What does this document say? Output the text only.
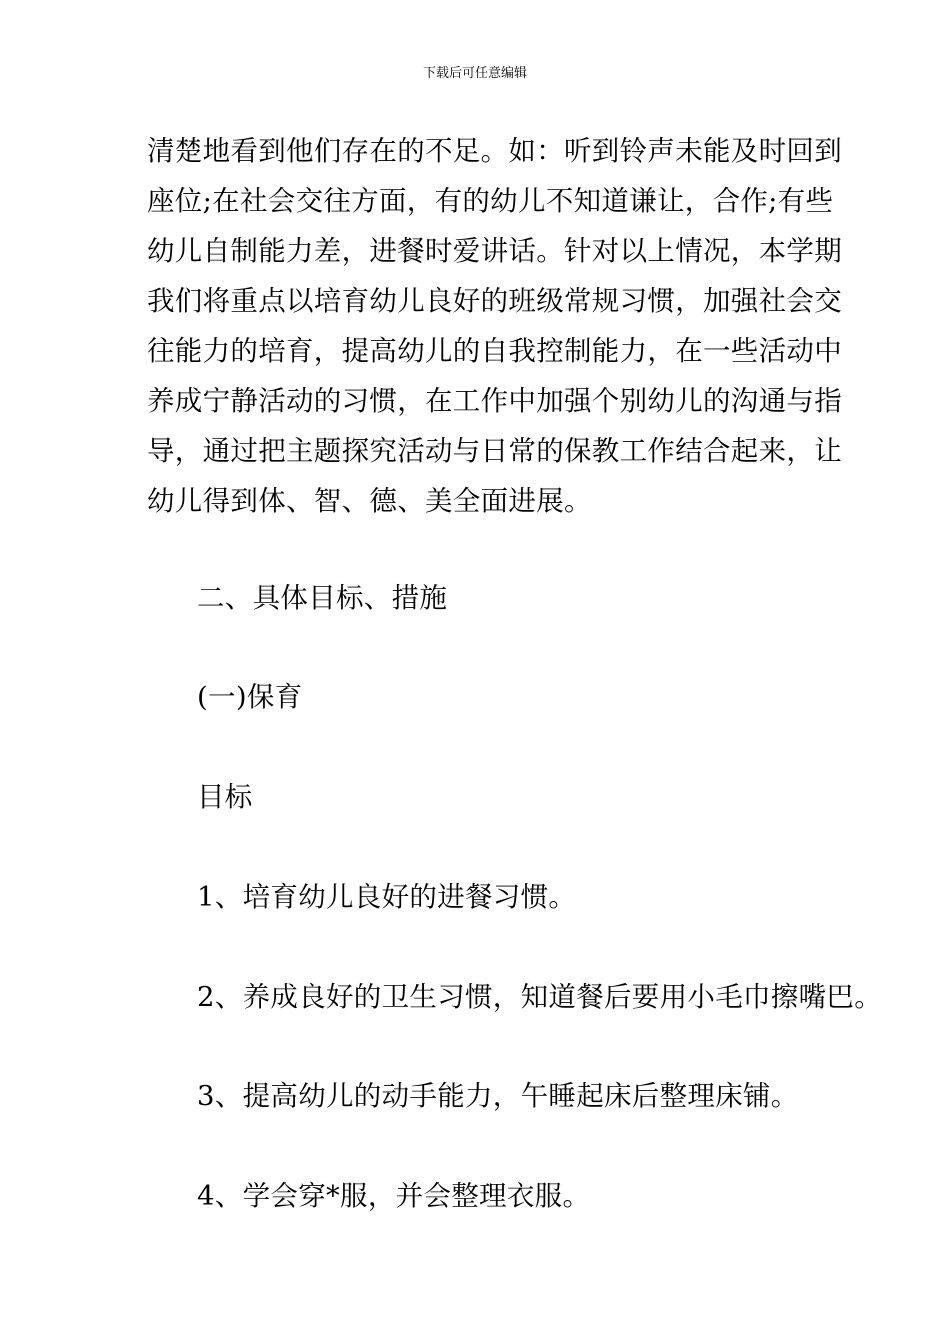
下载后可任意编辑
清楚地看到他们存在的不足。如：听到铃声未能及时回到
座位;在社会交往方面，有的幼儿不知道谦让，合作;有些
幼儿自制能力差，进餐时爱讲话。针对以上情况，本学期
我们将重点以培育幼儿良好的班级常规习惯，加强社会交
往能力的培育，提高幼儿的自我控制能力，在一些活动中
养成宁静活动的习惯，在工作中加强个别幼儿的沟通与指
导，通过把主题探究活动与日常的保教工作结合起来，让
幼儿得到体、智、德、美全面进展。
二、具体目标、措施
(一)保育
目标
1、培育幼儿良好的进餐习惯。
2、养成良好的卫生习惯，知道餐后要用小毛巾擦嘴巴。
3、提高幼儿的动手能力，午睡起床后整理床铺。
4、学会穿*服，并会整理衣服。
